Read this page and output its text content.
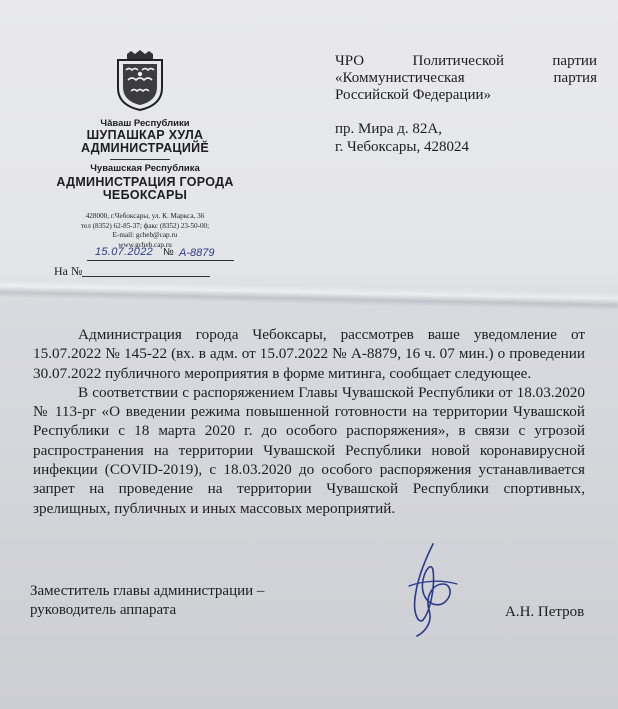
Чăваш Республики
ШУПАШКАР ХУЛА АДМИНИСТРАЦИЙĔ
Чувашская Республика
АДМИНИСТРАЦИЯ ГОРОДА ЧЕБОКСАРЫ
428000, г.Чебоксары, ул. К. Маркса, 36
тел (8352) 62-85-37; факс (8352) 23-50-00;
E-mail: gcheb@cap.ru
www.gcheb.cap.ru
15.07.2022 № А-8879
На №
ЧРО	Политической	партии
«Коммунистическая	партия
Российской Федерации»
пр. Мира д. 82А,
г. Чебоксары, 428024

Администрация города Чебоксары, рассмотрев ваше уведомление от 15.07.2022 № 145-22 (вх. в адм. от 15.07.2022 № А-8879, 16 ч. 07 мин.) о проведении 30.07.2022 публичного мероприятия в форме митинга, сообщает следующее.

В соответствии с распоряжением Главы Чувашской Республики от 18.03.2020 № 113-рг «О введении режима повышенной готовности на территории Чувашской Республики с 18 марта 2020 г. до особого распоряжения», в связи с угрозой распространения на территории Чувашской Республики новой коронавирусной инфекции (COVID-2019), с 18.03.2020 до особого распоряжения устанавливается запрет на проведение на территории Чувашской Республики спортивных, зрелищных, публичных и иных массовых мероприятий.

Заместитель главы администрации –
руководитель аппарата	А.Н. Петров
